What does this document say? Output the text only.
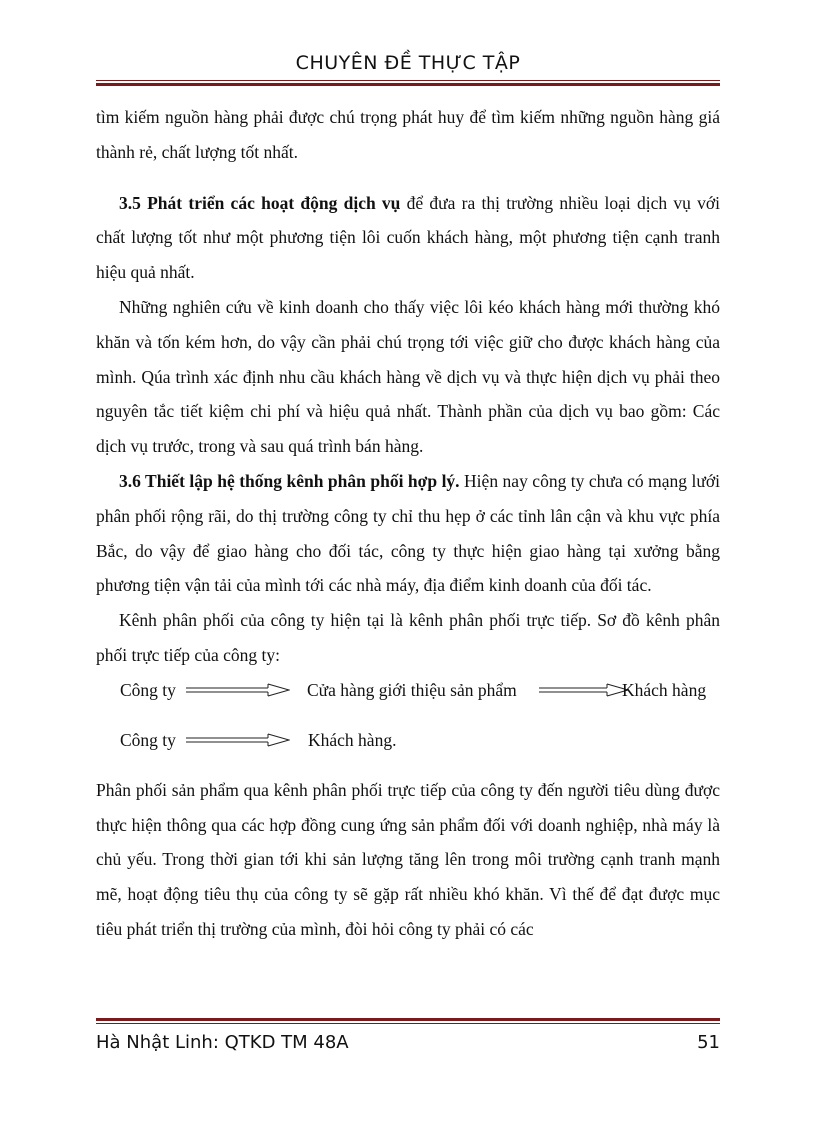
CHUYÊN ĐỀ THỰC TẬP

tìm kiếm nguồn hàng phải được chú trọng phát huy để tìm kiếm những nguồn hàng giá thành rẻ, chất lượng tốt nhất.

3.5 Phát triển các hoạt động dịch vụ để đưa ra thị trường nhiều loại dịch vụ với chất lượng tốt như một phương tiện lôi cuốn khách hàng, một phương tiện cạnh tranh hiệu quả nhất.

Những nghiên cứu về kinh doanh cho thấy việc lôi kéo khách hàng mới thường khó khăn và tốn kém hơn, do vậy cần phải chú trọng tới việc giữ cho được khách hàng của mình. Qúa trình xác định nhu cầu khách hàng về dịch vụ và thực hiện dịch vụ phải theo nguyên tắc tiết kiệm chi phí và hiệu quả nhất. Thành phần của dịch vụ bao gồm: Các dịch vụ trước, trong và sau quá trình bán hàng.

3.6 Thiết lập hệ thống kênh phân phối hợp lý. Hiện nay công ty chưa có mạng lưới phân phối rộng rãi, do thị trường công ty chỉ thu hẹp ở các tỉnh lân cận và khu vực phía Bắc, do vậy để giao hàng cho đối tác, công ty thực hiện giao hàng tại xưởng bằng phương tiện vận tải của mình tới các nhà máy, địa điểm kinh doanh của đối tác.

Kênh phân phối của công ty hiện tại là kênh phân phối trực tiếp. Sơ đồ kênh phân phối trực tiếp của công ty:

Công ty	Cửa hàng giới thiệu sản phẩm	Khách hàng
Công ty	Khách hàng.

Phân phối sản phẩm qua kênh phân phối trực tiếp của công ty đến người tiêu dùng được thực hiện thông qua các hợp đồng cung ứng sản phẩm đối với doanh nghiệp, nhà máy là chủ yếu. Trong thời gian tới khi sản lượng tăng lên trong môi trường cạnh tranh mạnh mẽ, hoạt động tiêu thụ của công ty sẽ gặp rất nhiều khó khăn. Vì thế để đạt được mục tiêu phát triển thị trường của mình, đòi hỏi công ty phải có các

Hà Nhật Linh: QTKD TM 48A	51
